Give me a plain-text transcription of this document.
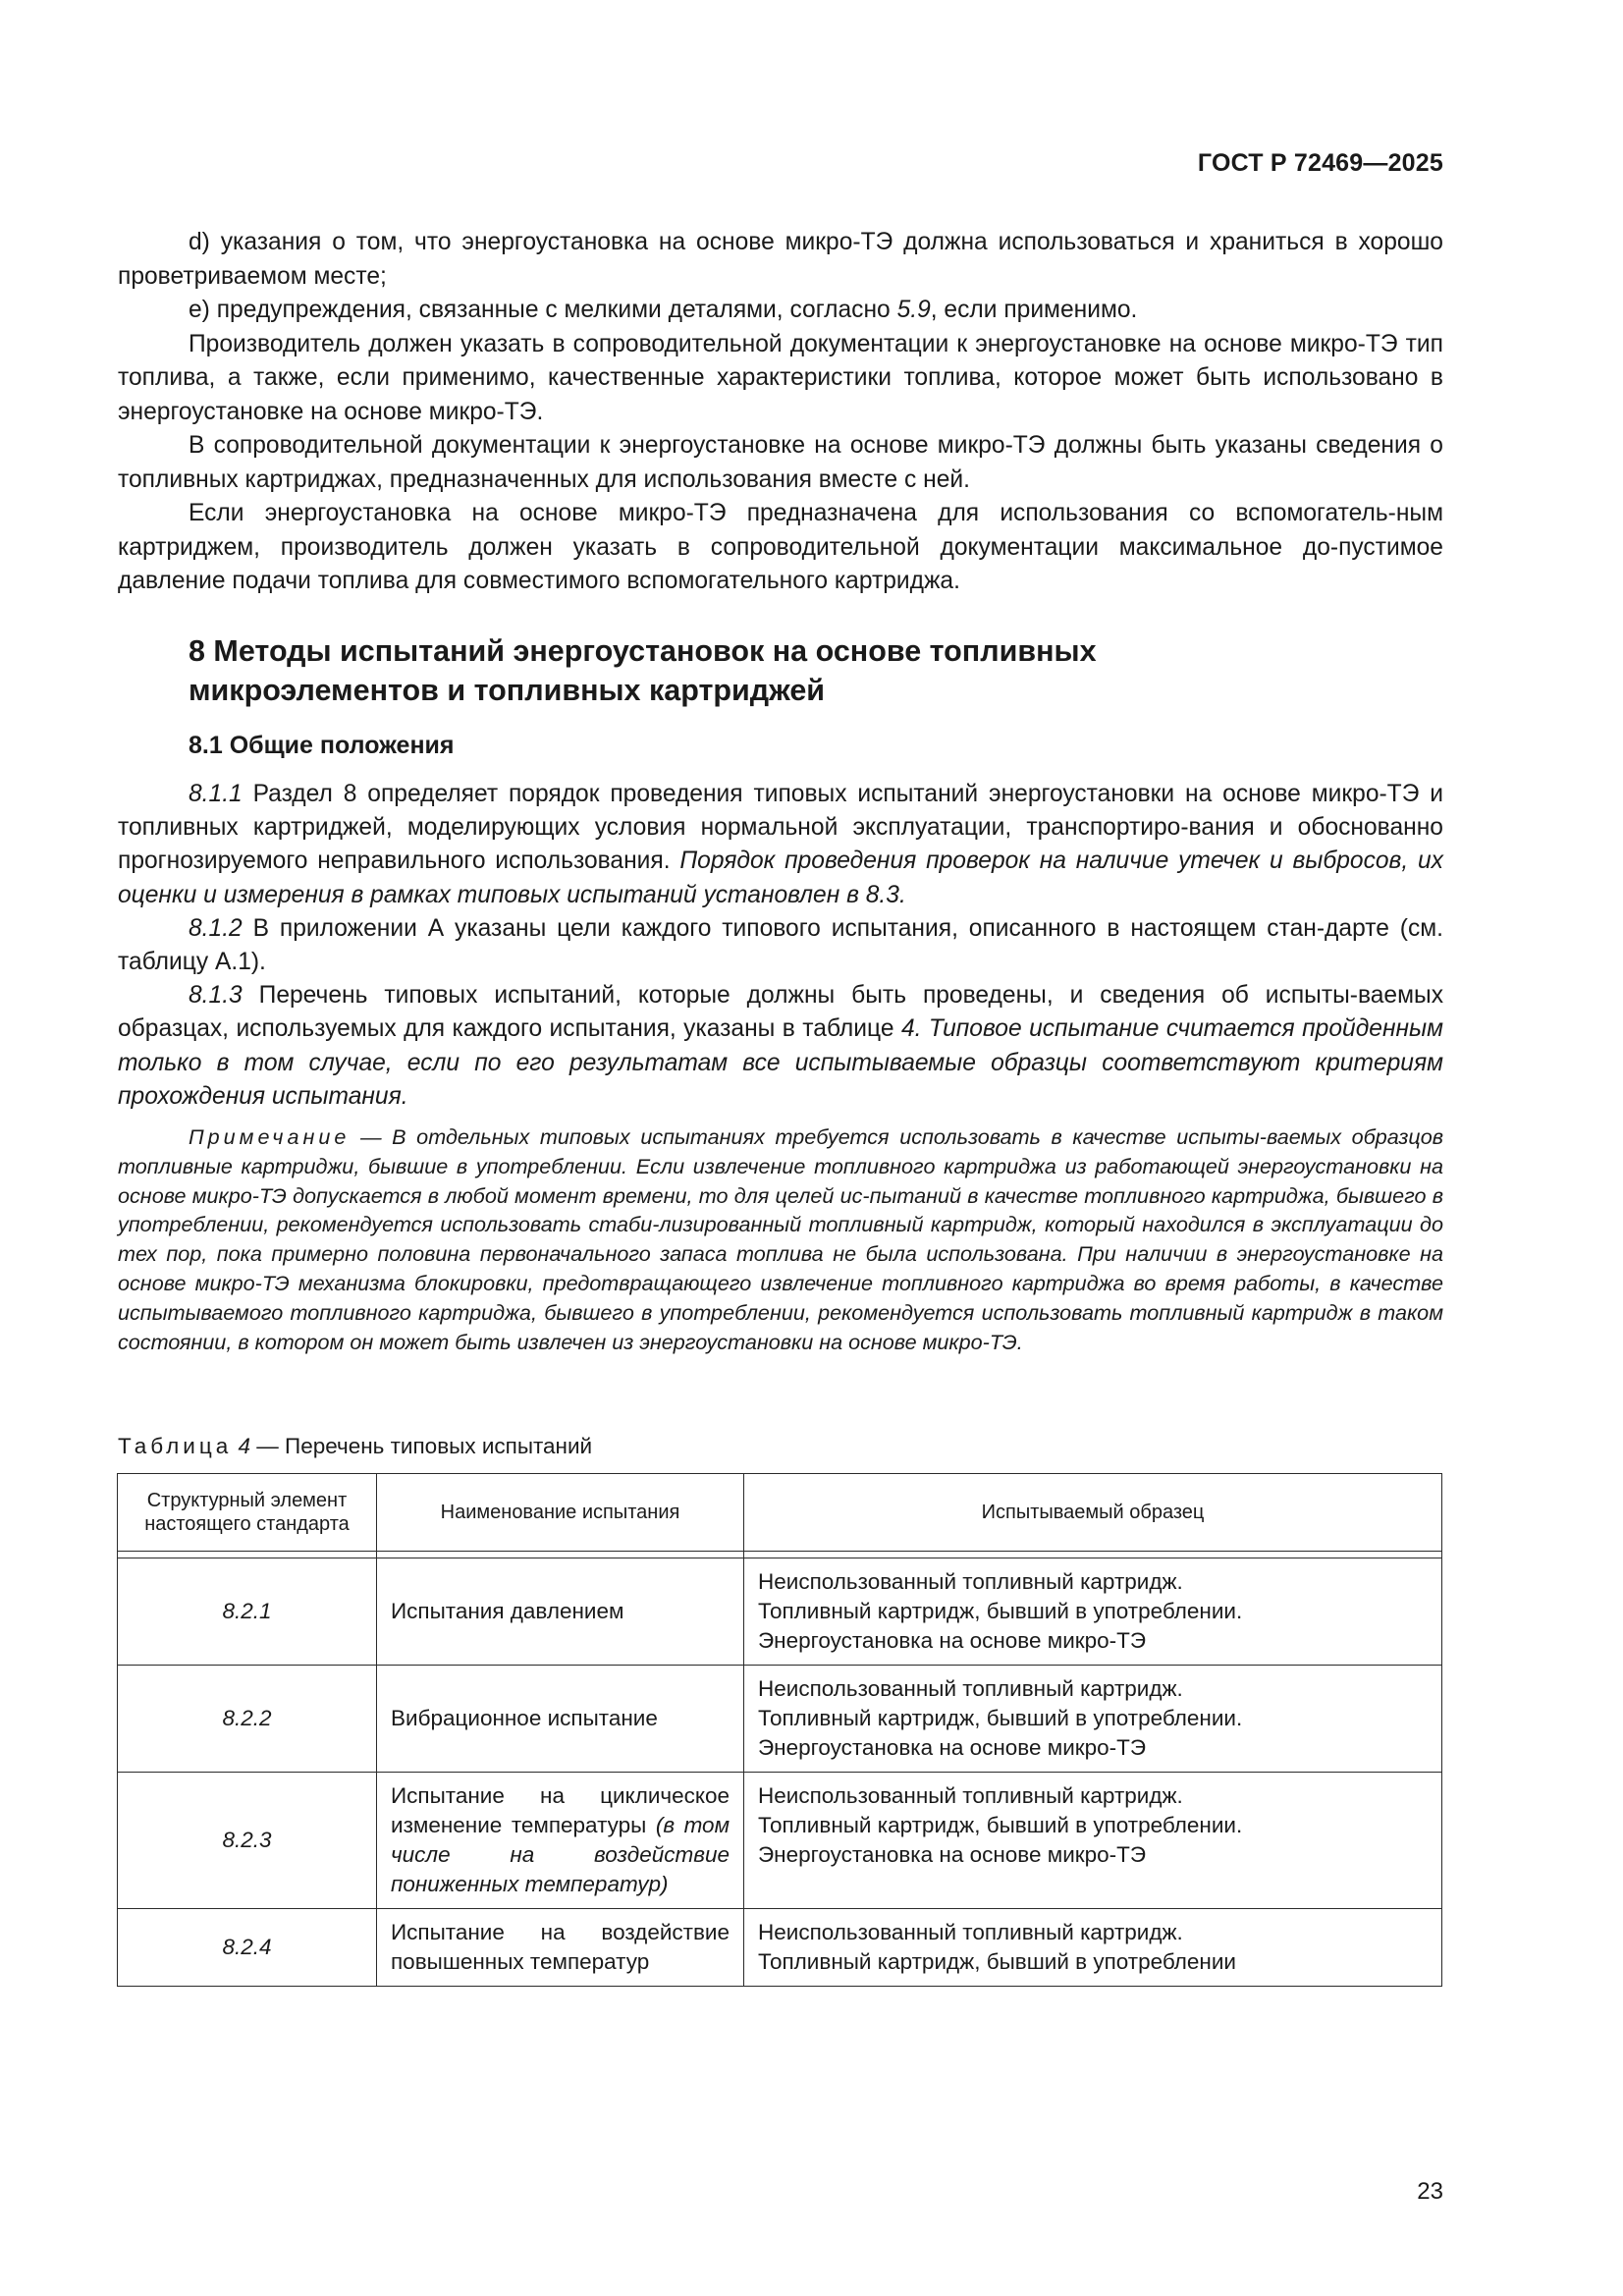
ГОСТ Р 72469—2025

d) указания о том, что энергоустановка на основе микро-ТЭ должна использоваться и храниться в хорошо проветриваемом месте;

e) предупреждения, связанные с мелкими деталями, согласно 5.9, если применимо.

Производитель должен указать в сопроводительной документации к энергоустановке на основе микро-ТЭ тип топлива, а также, если применимо, качественные характеристики топлива, которое может быть использовано в энергоустановке на основе микро-ТЭ.

В сопроводительной документации к энергоустановке на основе микро-ТЭ должны быть указаны сведения о топливных картриджах, предназначенных для использования вместе с ней.

Если энергоустановка на основе микро-ТЭ предназначена для использования со вспомогатель-ным картриджем, производитель должен указать в сопроводительной документации максимальное до-пустимое давление подачи топлива для совместимого вспомогательного картриджа.

8 Методы испытаний энергоустановок на основе топливных микроэлементов и топливных картриджей
8.1 Общие положения

8.1.1 Раздел 8 определяет порядок проведения типовых испытаний энергоустановки на основе микро-ТЭ и топливных картриджей, моделирующих условия нормальной эксплуатации, транспортиро-вания и обоснованно прогнозируемого неправильного использования. Порядок проведения проверок на наличие утечек и выбросов, их оценки и измерения в рамках типовых испытаний установлен в 8.3.

8.1.2 В приложении А указаны цели каждого типового испытания, описанного в настоящем стан-дарте (см. таблицу А.1).

8.1.3 Перечень типовых испытаний, которые должны быть проведены, и сведения об испыты-ваемых образцах, используемых для каждого испытания, указаны в таблице 4. Типовое испытание считается пройденным только в том случае, если по его результатам все испытываемые образцы соответствуют критериям прохождения испытания.

Примечание — В отдельных типовых испытаниях требуется использовать в качестве испыты-ваемых образцов топливные картриджи, бывшие в употреблении. Если извлечение топливного картриджа из работающей энергоустановки на основе микро-ТЭ допускается в любой момент времени, то для целей ис-пытаний в качестве топливного картриджа, бывшего в употреблении, рекомендуется использовать стаби-лизированный топливный картридж, который находился в эксплуатации до тех пор, пока примерно половина первоначального запаса топлива не была использована. При наличии в энергоустановке на основе микро-ТЭ механизма блокировки, предотвращающего извлечение топливного картриджа во время работы, в качестве испытываемого топливного картриджа, бывшего в употреблении, рекомендуется использовать топливный картридж в таком состоянии, в котором он может быть извлечен из энергоустановки на основе микро-ТЭ.

Таблица 4 — Перечень типовых испытаний
Структурный элемент настоящего стандарта	Наименование испытания	Испытываемый образец

8.2.1	Испытания давлением	Неиспользованный топливный картридж.
Топливный картридж, бывший в употреблении.
Энергоустановка на основе микро-ТЭ

8.2.2	Вибрационное испытание	Неиспользованный топливный картридж.
Топливный картридж, бывший в употреблении.
Энергоустановка на основе микро-ТЭ

8.2.3	Испытание на циклическое изменение температуры (в том числе на воздействие пониженных температур)	Неиспользованный топливный картридж.
Топливный картридж, бывший в употреблении.
Энергоустановка на основе микро-ТЭ

8.2.4	Испытание на воздействие повышенных температур	Неиспользованный топливный картридж.
Топливный картридж, бывший в употреблении
23
